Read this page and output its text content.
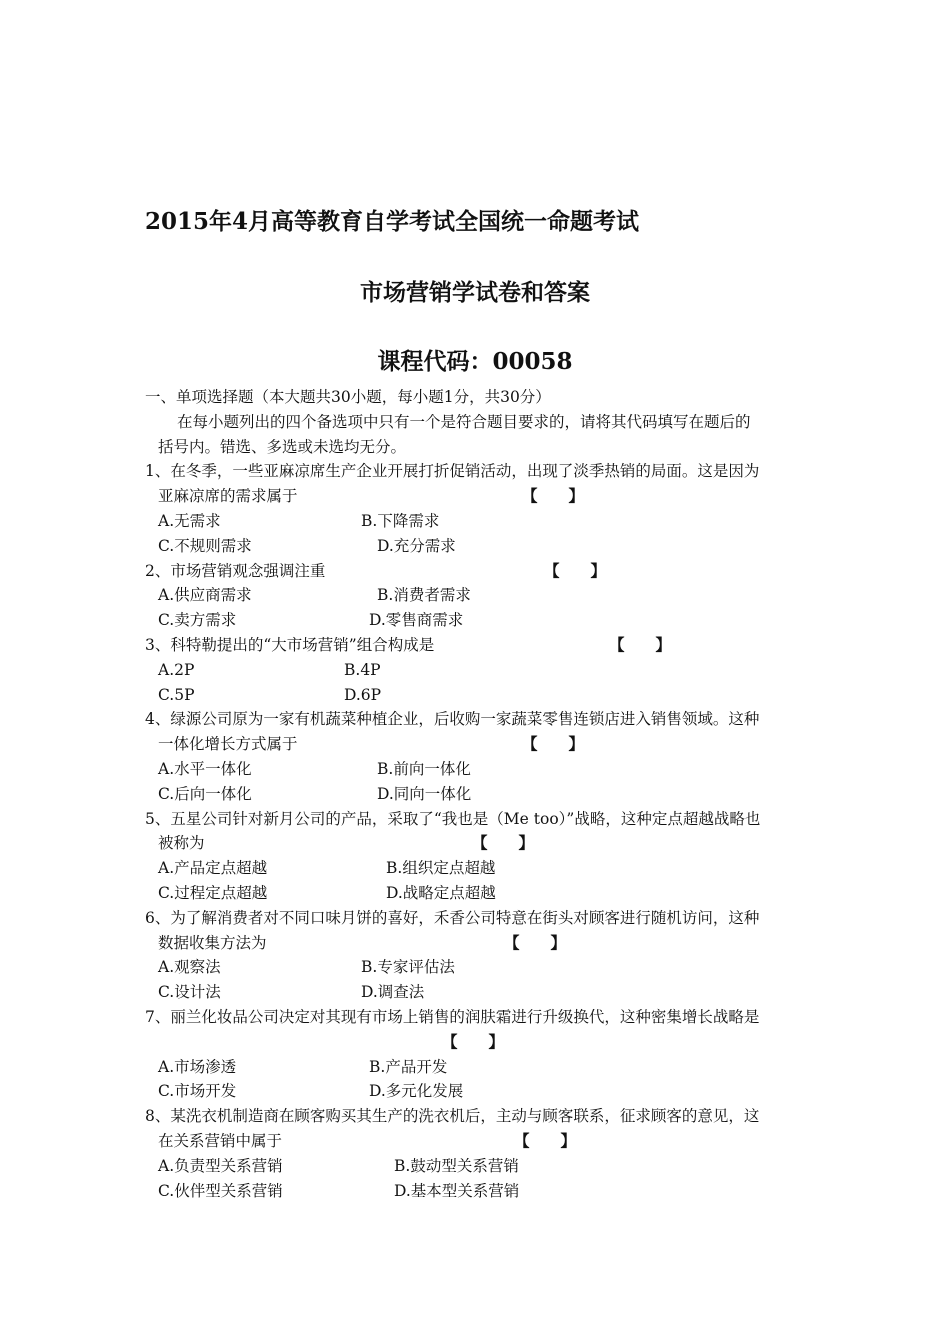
2015年4月高等教育自学考试全国统一命题考试
市场营销学试卷和答案
课程代码：00058
一、单项选择题（本大题共30小题，每小题1分，共30分）
在每小题列出的四个备选项中只有一个是符合题目要求的，请将其代码填写在题后的
括号内。错选、多选或未选均无分。
1、在冬季，一些亚麻凉席生产企业开展打折促销活动，出现了淡季热销的局面。这是因为
亚麻凉席的需求属于	【　　】
A.无需求	B.下降需求
C.不规则需求	D.充分需求
2、市场营销观念强调注重	【　　】
A.供应商需求	B.消费者需求
C.卖方需求	D.零售商需求
3、科特勒提出的“大市场营销”组合构成是	【　　】
A.2P	B.4P
C.5P	D.6P
4、绿源公司原为一家有机蔬菜种植企业，后收购一家蔬菜零售连锁店进入销售领域。这种
一体化增长方式属于	【　　】
A.水平一体化	B.前向一体化
C.后向一体化	D.同向一体化
5、五星公司针对新月公司的产品，采取了“我也是（Me too）”战略，这种定点超越战略也
被称为	【　　】
A.产品定点超越	B.组织定点超越
C.过程定点超越	D.战略定点超越
6、为了解消费者对不同口味月饼的喜好，禾香公司特意在街头对顾客进行随机访问，这种
数据收集方法为	【　　】
A.观察法	B.专家评估法
C.设计法	D.调查法
7、丽兰化妆品公司决定对其现有市场上销售的润肤霜进行升级换代，这种密集增长战略是
【　　】
A.市场渗透	B.产品开发
C.市场开发	D.多元化发展
8、某洗衣机制造商在顾客购买其生产的洗衣机后，主动与顾客联系，征求顾客的意见，这
在关系营销中属于	【　　】
A.负责型关系营销	B.鼓动型关系营销
C.伙伴型关系营销	D.基本型关系营销
